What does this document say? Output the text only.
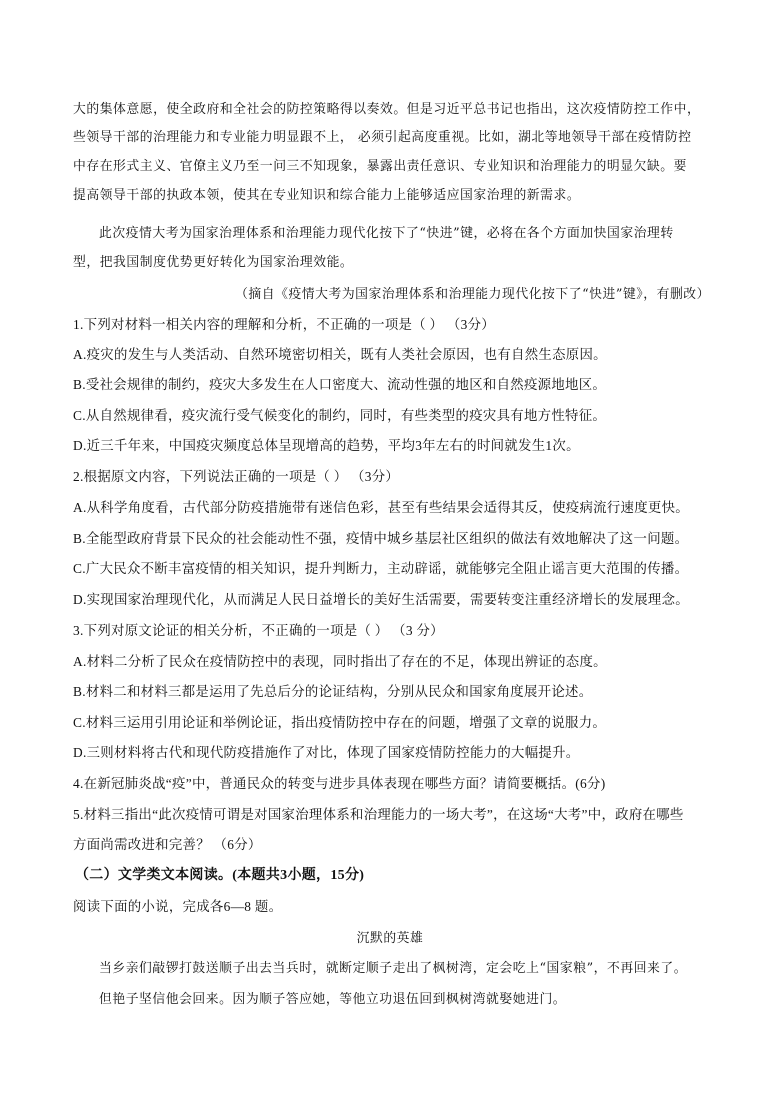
大的集体意愿，使全政府和全社会的防控策略得以奏效。但是习近平总书记也指出，这次疫情防控工作中，
些领导干部的治理能力和专业能力明显跟不上， 必须引起高度重视。比如，湖北等地领导干部在疫情防控
中存在形式主义、官僚主义乃至一问三不知现象，暴露出责任意识、专业知识和治理能力的明显欠缺。要
提高领导干部的执政本领，使其在专业知识和综合能力上能够适应国家治理的新需求。
此次疫情大考为国家治理体系和治理能力现代化按下了“快进”键，必将在各个方面加快国家治理转
型，把我国制度优势更好转化为国家治理效能。
（摘自《疫情大考为国家治理体系和治理能力现代化按下了“快进”键》，有删改）
1.下列对材料一相关内容的理解和分析，不正确的一项是（ ） （3分）
A.疫灾的发生与人类活动、自然环境密切相关，既有人类社会原因，也有自然生态原因。
B.受社会规律的制约，疫灾大多发生在人口密度大、流动性强的地区和自然疫源地地区。
C.从自然规律看，疫灾流行受气候变化的制约，同时，有些类型的疫灾具有地方性特征。
D.近三千年来，中国疫灾频度总体呈现增高的趋势，平均3年左右的时间就发生1次。
2.根据原文内容，下列说法正确的一项是（ ） （3分）
A.从科学角度看，古代部分防疫措施带有迷信色彩，甚至有些结果会适得其反，使疫病流行速度更快。
B.全能型政府背景下民众的社会能动性不强，疫情中城乡基层社区组织的做法有效地解决了这一问题。
C.广大民众不断丰富疫情的相关知识，提升判断力，主动辟谣，就能够完全阻止谣言更大范围的传播。
D.实现国家治理现代化，从而满足人民日益增长的美好生活需要，需要转变注重经济增长的发展理念。
3.下列对原文论证的相关分析，不正确的一项是（ ） （3 分）
A.材料二分析了民众在疫情防控中的表现，同时指出了存在的不足，体现出辨证的态度。
B.材料二和材料三都是运用了先总后分的论证结构，分别从民众和国家角度展开论述。
C.材料三运用引用论证和举例论证，指出疫情防控中存在的问题，增强了文章的说服力。
D.三则材料将古代和现代防疫措施作了对比，体现了国家疫情防控能力的大幅提升。
4.在新冠肺炎战“疫”中，普通民众的转变与进步具体表现在哪些方面？请简要概括。(6分)
5.材料三指出“此次疫情可谓是对国家治理体系和治理能力的一场大考”，在这场“大考”中，政府在哪些
方面尚需改进和完善？ （6分）
（二）文学类文本阅读。(本题共3小题，15分)
阅读下面的小说，完成各6—8 题。
沉默的英雄
当乡亲们敲锣打鼓送顺子出去当兵时，就断定顺子走出了枫树湾，定会吃上“国家粮”，不再回来了。
但艳子坚信他会回来。因为顺子答应她，等他立功退伍回到枫树湾就娶她进门。
